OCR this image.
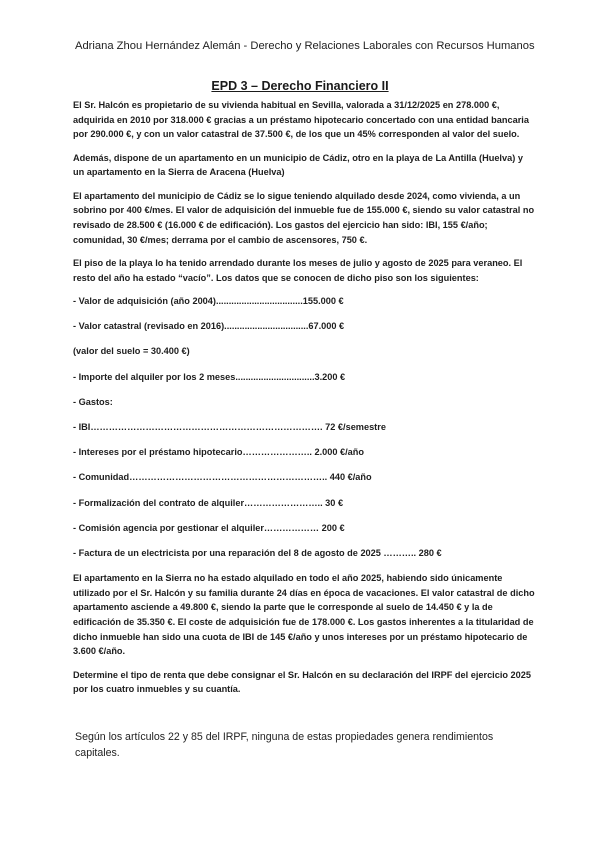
Adriana Zhou Hernández Alemán - Derecho y Relaciones Laborales con Recursos Humanos
EPD 3 – Derecho Financiero II

El Sr. Halcón es propietario de su vivienda habitual en Sevilla, valorada a 31/12/2025 en 278.000 €, adquirida en 2010 por 318.000 € gracias a un préstamo hipotecario concertado con una entidad bancaria por 290.000 €, y con un valor catastral de 37.500 €, de los que un 45% corresponden al valor del suelo.

Además, dispone de un apartamento en un municipio de Cádiz, otro en la playa de La Antilla (Huelva) y un apartamento en la Sierra de Aracena (Huelva)

El apartamento del municipio de Cádiz se lo sigue teniendo alquilado desde 2024, como vivienda, a un sobrino por 400 €/mes. El valor de adquisición del inmueble fue de 155.000 €, siendo su valor catastral no revisado de 28.500 € (16.000 € de edificación). Los gastos del ejercicio han sido: IBI, 155 €/año; comunidad, 30 €/mes; derrama por el cambio de ascensores, 750 €.

El piso de la playa lo ha tenido arrendado durante los meses de julio y agosto de 2025 para veraneo. El resto del año ha estado “vacío”. Los datos que se conocen de dicho piso son los siguientes:

- Valor de adquisición (año 2004)..................................155.000 €

- Valor catastral (revisado en 2016).................................67.000 €

(valor del suelo = 30.400 €)

- Importe del alquiler por los 2 meses...............................3.200 €

- Gastos:

- IBI…………………………………………………………………. 72 €/semestre

- Intereses por el préstamo hipotecario………………….. 2.000 €/año

- Comunidad……………………………………………………….. 440 €/año

- Formalización del contrato de alquiler…………………….. 30 €

- Comisión agencia por gestionar el alquiler……………… 200 €

- Factura de un electricista por una reparación del 8 de agosto de 2025 ……….. 280 €

El apartamento en la Sierra no ha estado alquilado en todo el año 2025, habiendo sido únicamente utilizado por el Sr. Halcón y su familia durante 24 días en época de vacaciones. El valor catastral de dicho apartamento asciende a 49.800 €, siendo la parte que le corresponde al suelo de 14.450 € y la de edificación de 35.350 €. El coste de adquisición fue de 178.000 €. Los gastos inherentes a la titularidad de dicho inmueble han sido una cuota de IBI de 145 €/año y unos intereses por un préstamo hipotecario de 3.600 €/año.

Determine el tipo de renta que debe consignar el Sr. Halcón en su declaración del IRPF del ejercicio 2025 por los cuatro inmuebles y su cuantía.

Según los artículos 22 y 85 del IRPF, ninguna de estas propiedades genera rendimientos capitales.
